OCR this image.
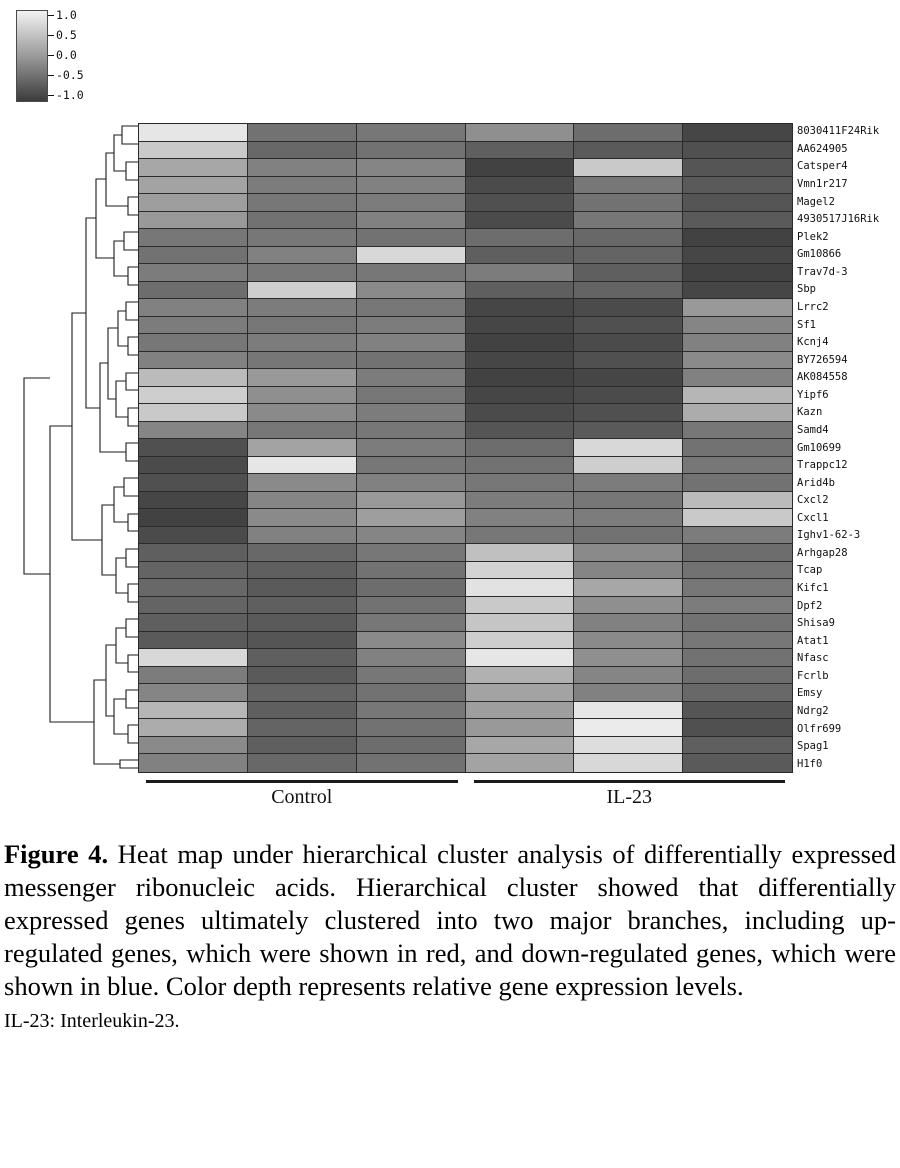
1.0
0.5
0.0
-0.5
-1.0
8030411F24Rik
AA624905
Catsper4
Vmn1r217
Magel2
4930517J16Rik
Plek2
Gm10866
Trav7d-3
Sbp
Lrrc2
Sf1
Kcnj4
BY726594
AK084558
Yipf6
Kazn
Samd4
Gm10699
Trappc12
Arid4b
Cxcl2
Cxcl1
Ighv1-62-3
Arhgap28
Tcap
Kifc1
Dpf2
Shisa9
Atat1
Nfasc
Fcrlb
Emsy
Ndrg2
Olfr699
Spag1
H1f0
Control	IL-23
Figure 4. Heat map under hierarchical cluster analysis of differentially expressed messenger ribonucleic acids. Hierarchical cluster showed that differentially expressed genes ultimately clustered into two major branches, including up-regulated genes, which were shown in red, and down-regulated genes, which were shown in blue. Color depth represents relative gene expression levels.
IL-23: Interleukin-23.
